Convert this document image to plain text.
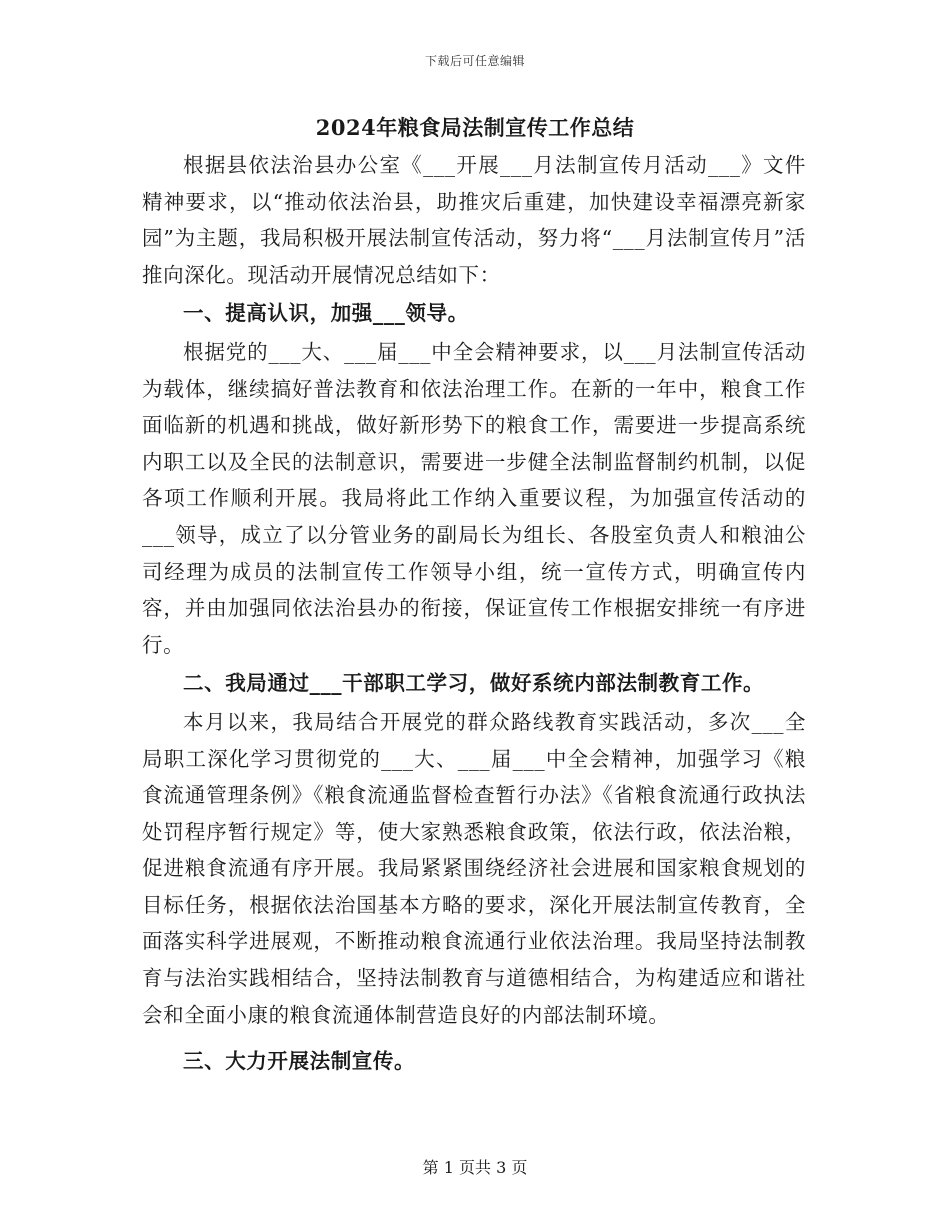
下载后可任意编辑
2024年粮食局法制宣传工作总结

根据县依法治县办公室《___开展___月法制宣传月活动___》文件精神要求，以“推动依法治县，助推灾后重建，加快建设幸福漂亮新家园”为主题，我局积极开展法制宣传活动，努力将“___月法制宣传月”活推向深化。现活动开展情况总结如下：

一、提高认识，加强___领导。

根据党的___大、___届___中全会精神要求，以___月法制宣传活动为载体，继续搞好普法教育和依法治理工作。在新的一年中，粮食工作面临新的机遇和挑战，做好新形势下的粮食工作，需要进一步提高系统内职工以及全民的法制意识，需要进一步健全法制监督制约机制，以促各项工作顺利开展。我局将此工作纳入重要议程，为加强宣传活动的___领导，成立了以分管业务的副局长为组长、各股室负责人和粮油公司经理为成员的法制宣传工作领导小组，统一宣传方式，明确宣传内容，并由加强同依法治县办的衔接，保证宣传工作根据安排统一有序进行。

二、我局通过___干部职工学习，做好系统内部法制教育工作。

本月以来，我局结合开展党的群众路线教育实践活动，多次___全局职工深化学习贯彻党的___大、___届___中全会精神，加强学习《粮食流通管理条例》《粮食流通监督检查暂行办法》《省粮食流通行政执法处罚程序暂行规定》等，使大家熟悉粮食政策，依法行政，依法治粮，促进粮食流通有序开展。我局紧紧围绕经济社会进展和国家粮食规划的目标任务，根据依法治国基本方略的要求，深化开展法制宣传教育，全面落实科学进展观，不断推动粮食流通行业依法治理。我局坚持法制教育与法治实践相结合，坚持法制教育与道德相结合，为构建适应和谐社会和全面小康的粮食流通体制营造良好的内部法制环境。

三、大力开展法制宣传。

第 1 页共 3 页
